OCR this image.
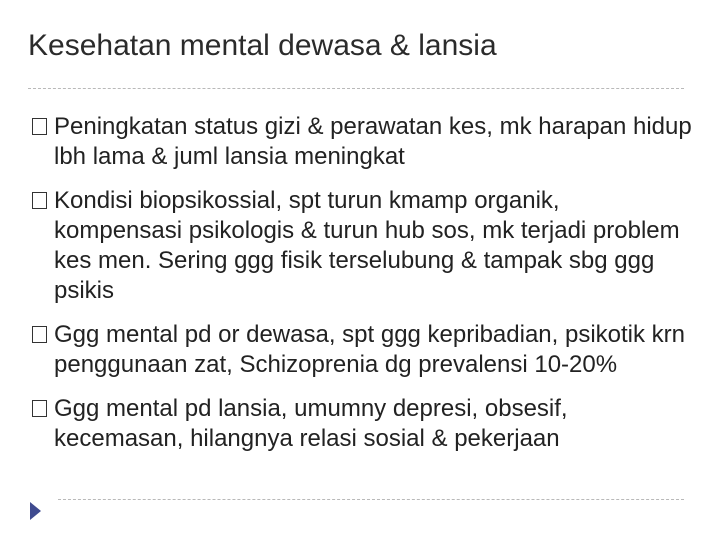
Kesehatan mental dewasa & lansia
Peningkatan status gizi & perawatan kes, mk harapan hidup lbh lama & juml lansia meningkat
Kondisi biopsikossial, spt turun kmamp organik, kompensasi psikologis & turun hub sos, mk terjadi problem kes men. Sering ggg fisik terselubung & tampak sbg ggg psikis
Ggg mental pd or dewasa, spt ggg kepribadian, psikotik krn penggunaan zat, Schizoprenia dg prevalensi 10-20%
Ggg mental pd lansia, umumny depresi, obsesif, kecemasan, hilangnya relasi sosial & pekerjaan
